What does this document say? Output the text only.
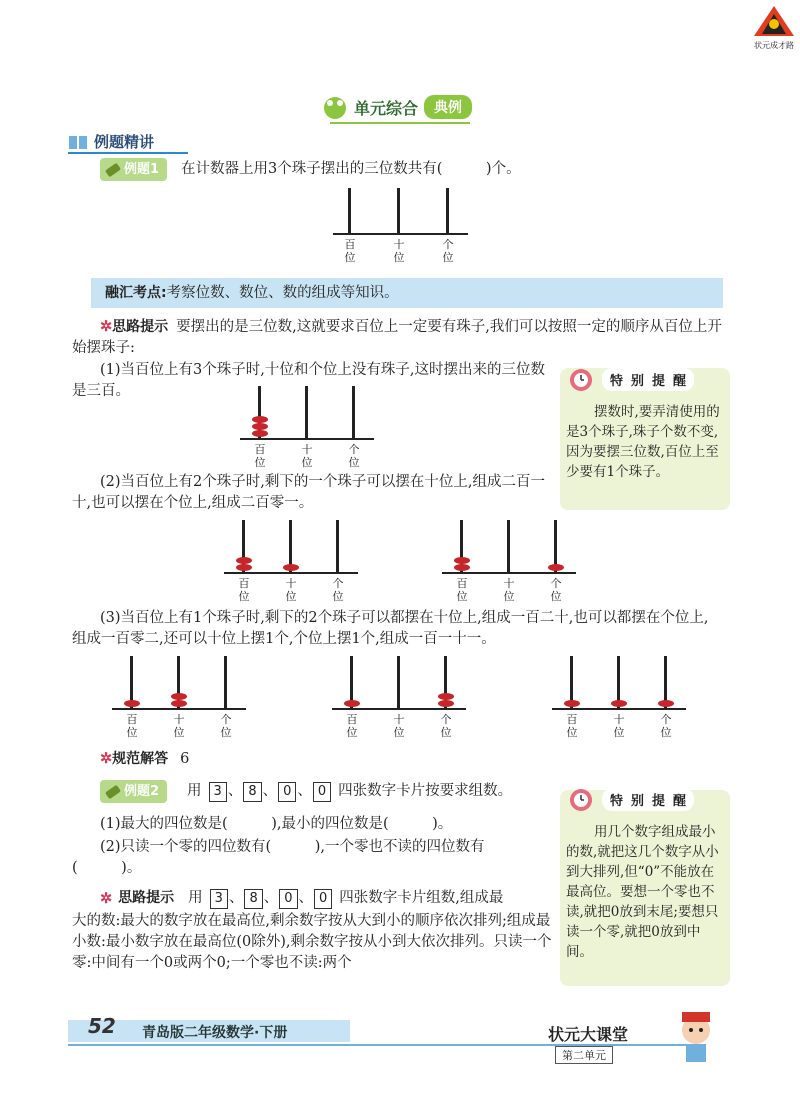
状元成才路
单元综合	典例
例题精讲
例题1 在计数器上用3个珠子摆出的三位数共有(　　　)个。
百
位
十
位
个
位
融汇考点: 考察位数、数位、数的组成等知识。
✲思路提示 要摆出的是三位数,这就要求百位上一定要有珠子,我们可以按照一定的顺序从百位上开始摆珠子:
(1)当百位上有3个珠子时,十位和个位上没有珠子,这时摆出来的三位数是三百。
特 别 提 醒
摆数时,要弄清使用的是3个珠子,珠子个数不变,因为要摆三位数,百位上至少要有1个珠子。
百
位
十
位
个
位
(2)当百位上有2个珠子时,剩下的一个珠子可以摆在十位上,组成二百一十,也可以摆在个位上,组成二百零一。
百
位
十
位
个
位
百
位
十
位
个
位
(3)当百位上有1个珠子时,剩下的2个珠子可以都摆在十位上,组成一百二十,也可以都摆在个位上,组成一百零二,还可以十位上摆1个,个位上摆1个,组成一百一十一。
百
位
十
位
个
位
百
位
十
位
个
位
百
位
十
位
个
位
✲规范解答 6
例题2 用 3 、 8 、 0 、 0 四张数字卡片按要求组数。
(1)最大的四位数是(　　　),最小的四位数是(　　　)。
(2)只读一个零的四位数有(　　　),一个零也不读的四位数有(　　　)。
特 别 提 醒
用几个数字组成最小的数,就把这几个数字从小到大排列,但“0”不能放在最高位。要想一个零也不读,就把0放到末尾;要想只读一个零,就把0放到中间。
✲ 思路提示 用 3 、 8 、 0 、 0 四张数字卡片组数,组成最
大的数:最大的数字放在最高位,剩余数字按从大到小的顺序依次排列;组成最小数:最小数字放在最高位(0除外),剩余数字按从小到大依次排列。只读一个零:中间有一个0或两个0;一个零也不读:两个
52 青岛版二年级数学·下册	状元大课堂
第二单元
